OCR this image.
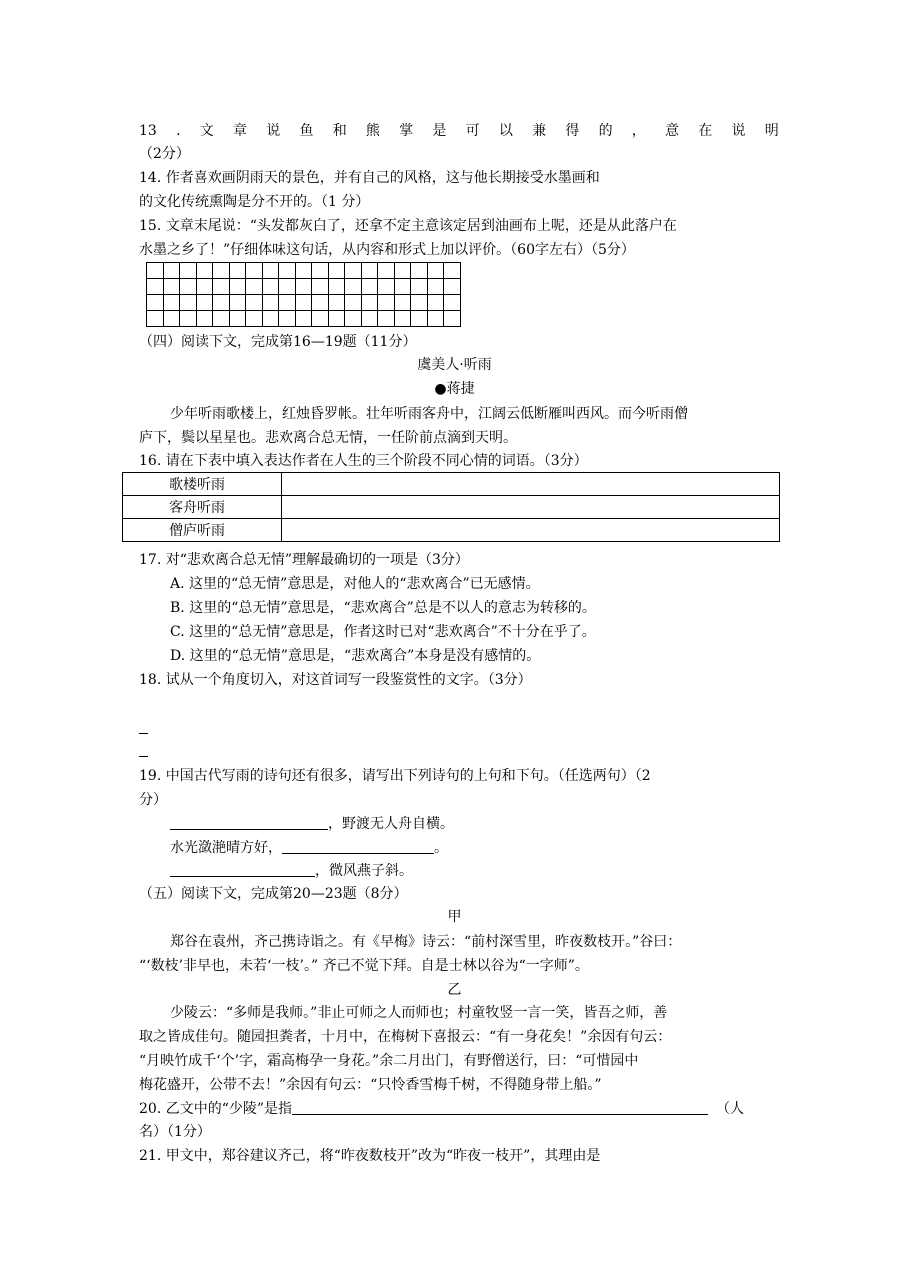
13 . 文 章 说 鱼 和 熊 掌 是 可 以 兼 得 的 ， 意 在 说 明
（2分）
14. 作者喜欢画阴雨天的景色，并有自己的风格，这与他长期接受水墨画和
的文化传统熏陶是分不开的。（1 分）
15. 文章末尾说：“头发都灰白了，还拿不定主意该定居到油画布上呢，还是从此落户在
水墨之乡了！”仔细体味这句话，从内容和形式上加以评价。（60字左右）（5分）

（四）阅读下文，完成第16—19题（11分）
虞美人·听雨
●蒋捷
少年听雨歌楼上，红烛昏罗帐。壮年听雨客舟中，江阔云低断雁叫西风。而今听雨僧
庐下，鬓以星星也。悲欢离合总无情，一任阶前点滴到天明。
16. 请在下表中填入表达作者在人生的三个阶段不同心情的词语。（3分）
歌楼听雨	
客舟听雨	
僧庐听雨	
17. 对“悲欢离合总无情”理解最确切的一项是（3分）
A. 这里的“总无情”意思是，对他人的“悲欢离合”已无感情。
B. 这里的“总无情”意思是，“悲欢离合”总是不以人的意志为转移的。
C. 这里的“总无情”意思是，作者这时已对“悲欢离合”不十分在乎了。
D. 这里的“总无情”意思是，“悲欢离合”本身是没有感情的。
18. 试从一个角度切入，对这首词写一段鉴赏性的文字。（3分）
19. 中国古代写雨的诗句还有很多，请写出下列诗句的上句和下句。（任选两句）（2
分）
，野渡无人舟自横。
水光潋滟晴方好，	。
，微风燕子斜。
（五）阅读下文，完成第20—23题（8分）
甲
郑谷在袁州，齐己携诗诣之。有《早梅》诗云：“前村深雪里，昨夜数枝开。”谷曰：
“‘数枝’非早也，未若‘一枝’。” 齐己不觉下拜。自是士林以谷为“一字师”。
乙
少陵云：“多师是我师。”非止可师之人而师也；村童牧竖一言一笑，皆吾之师，善
取之皆成佳句。随园担粪者，十月中，在梅树下喜报云：“有一身花矣！”余因有句云：
“月映竹成千‘个’字，霜高梅孕一身花。”余二月出门，有野僧送行，曰：“可惜园中
梅花盛开，公带不去！”余因有句云：“只怜香雪梅千树，不得随身带上船。”
20. 乙文中的“少陵”是指	（人
名）（1分）
21. 甲文中，郑谷建议齐己，将“昨夜数枝开”改为“昨夜一枝开”，其理由是
